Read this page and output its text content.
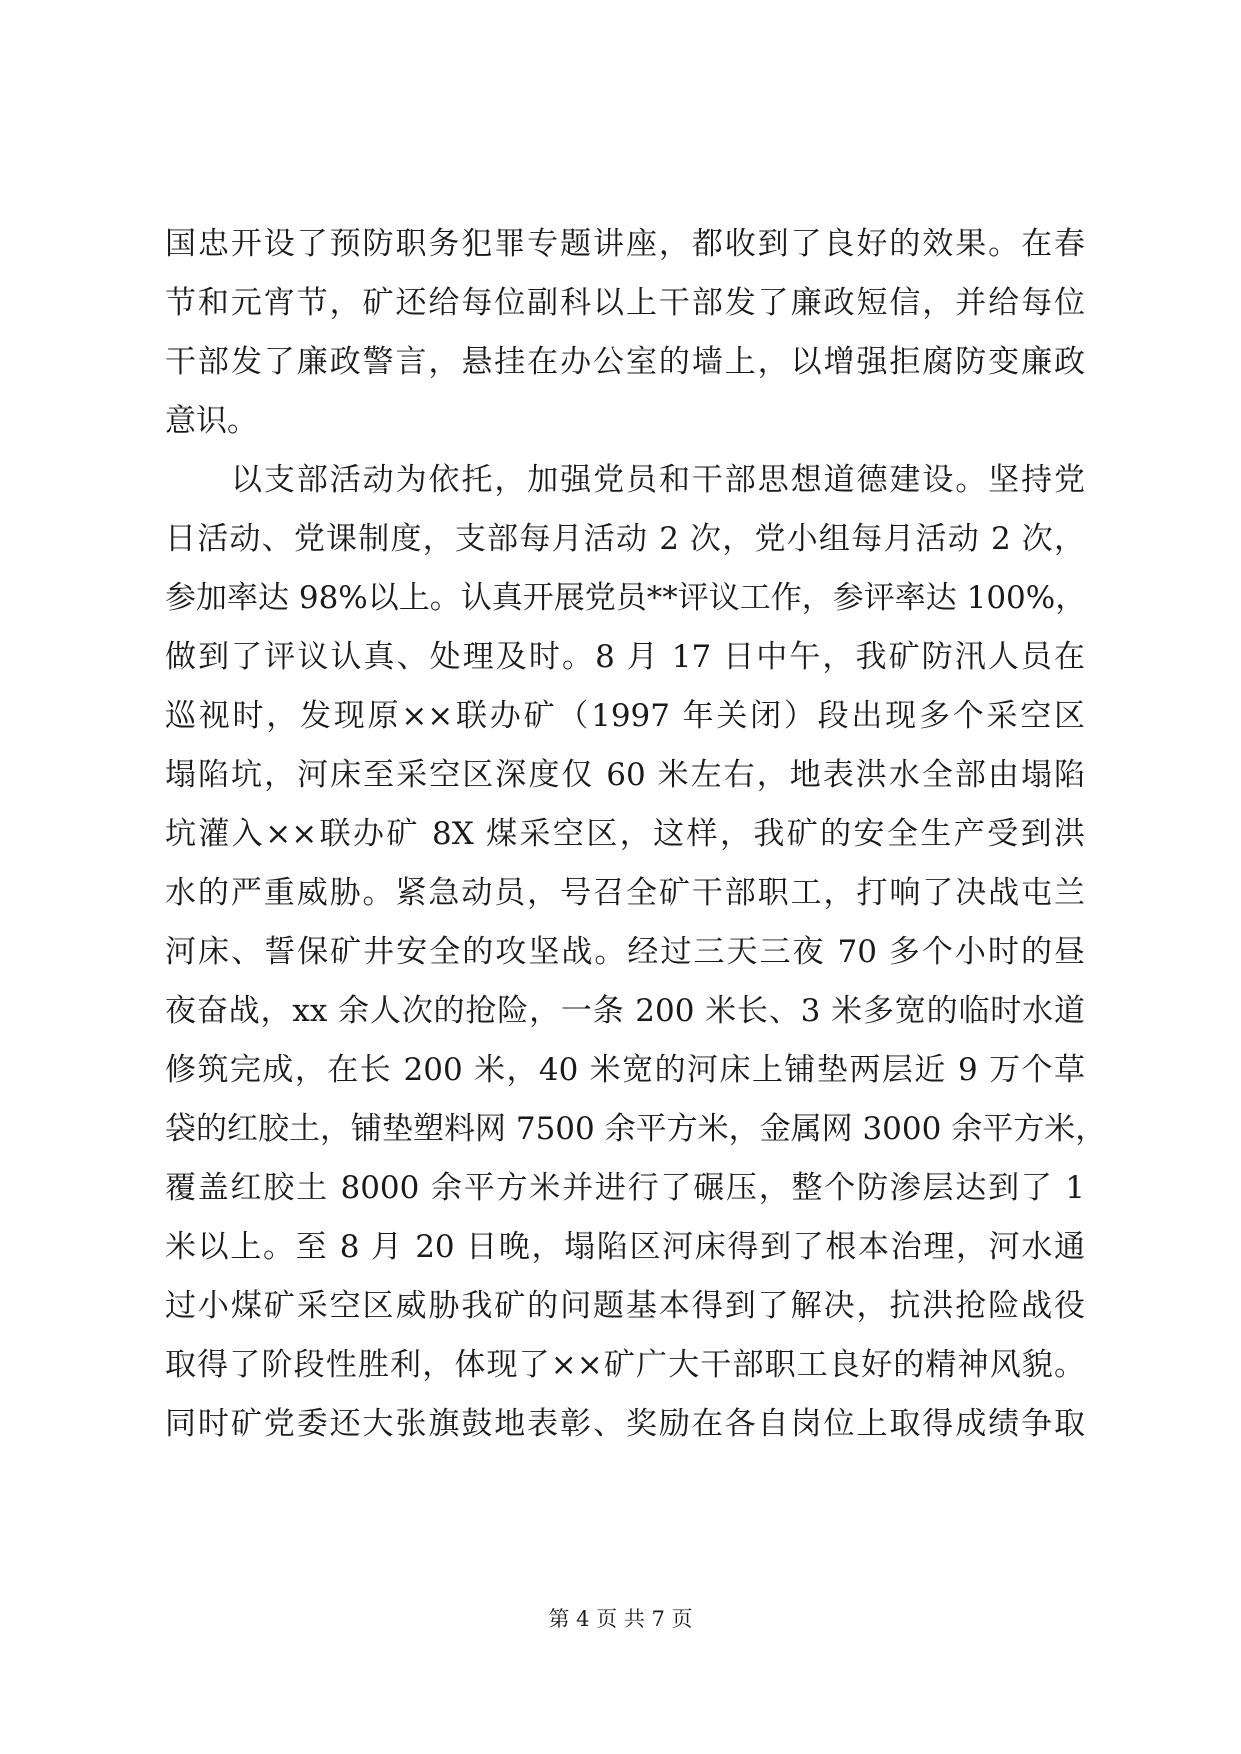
国忠开设了预防职务犯罪专题讲座，都收到了良好的效果。在春
节和元宵节，矿还给每位副科以上干部发了廉政短信，并给每位
干部发了廉政警言，悬挂在办公室的墙上，以增强拒腐防变廉政
意识。
以支部活动为依托，加强党员和干部思想道德建设。坚持党
日活动、党课制度，支部每月活动 2 次，党小组每月活动 2 次，
参加率达 98%以上。认真开展党员**评议工作，参评率达 100%，
做到了评议认真、处理及时。8 月 17 日中午，我矿防汛人员在
巡视时，发现原××联办矿（1997 年关闭）段出现多个采空区
塌陷坑，河床至采空区深度仅 60 米左右，地表洪水全部由塌陷
坑灌入××联办矿 8X 煤采空区，这样，我矿的安全生产受到洪
水的严重威胁。紧急动员，号召全矿干部职工，打响了决战屯兰
河床、誓保矿井安全的攻坚战。经过三天三夜 70 多个小时的昼
夜奋战，xx 余人次的抢险，一条 200 米长、3 米多宽的临时水道
修筑完成，在长 200 米，40 米宽的河床上铺垫两层近 9 万个草
袋的红胶土，铺垫塑料网 7500 余平方米，金属网 3000 余平方米，
覆盖红胶土 8000 余平方米并进行了碾压，整个防渗层达到了 1
米以上。至 8 月 20 日晚，塌陷区河床得到了根本治理，河水通
过小煤矿采空区威胁我矿的问题基本得到了解决，抗洪抢险战役
取得了阶段性胜利，体现了××矿广大干部职工良好的精神风貌。
同时矿党委还大张旗鼓地表彰、奖励在各自岗位上取得成绩争取
第 4 页 共 7 页
